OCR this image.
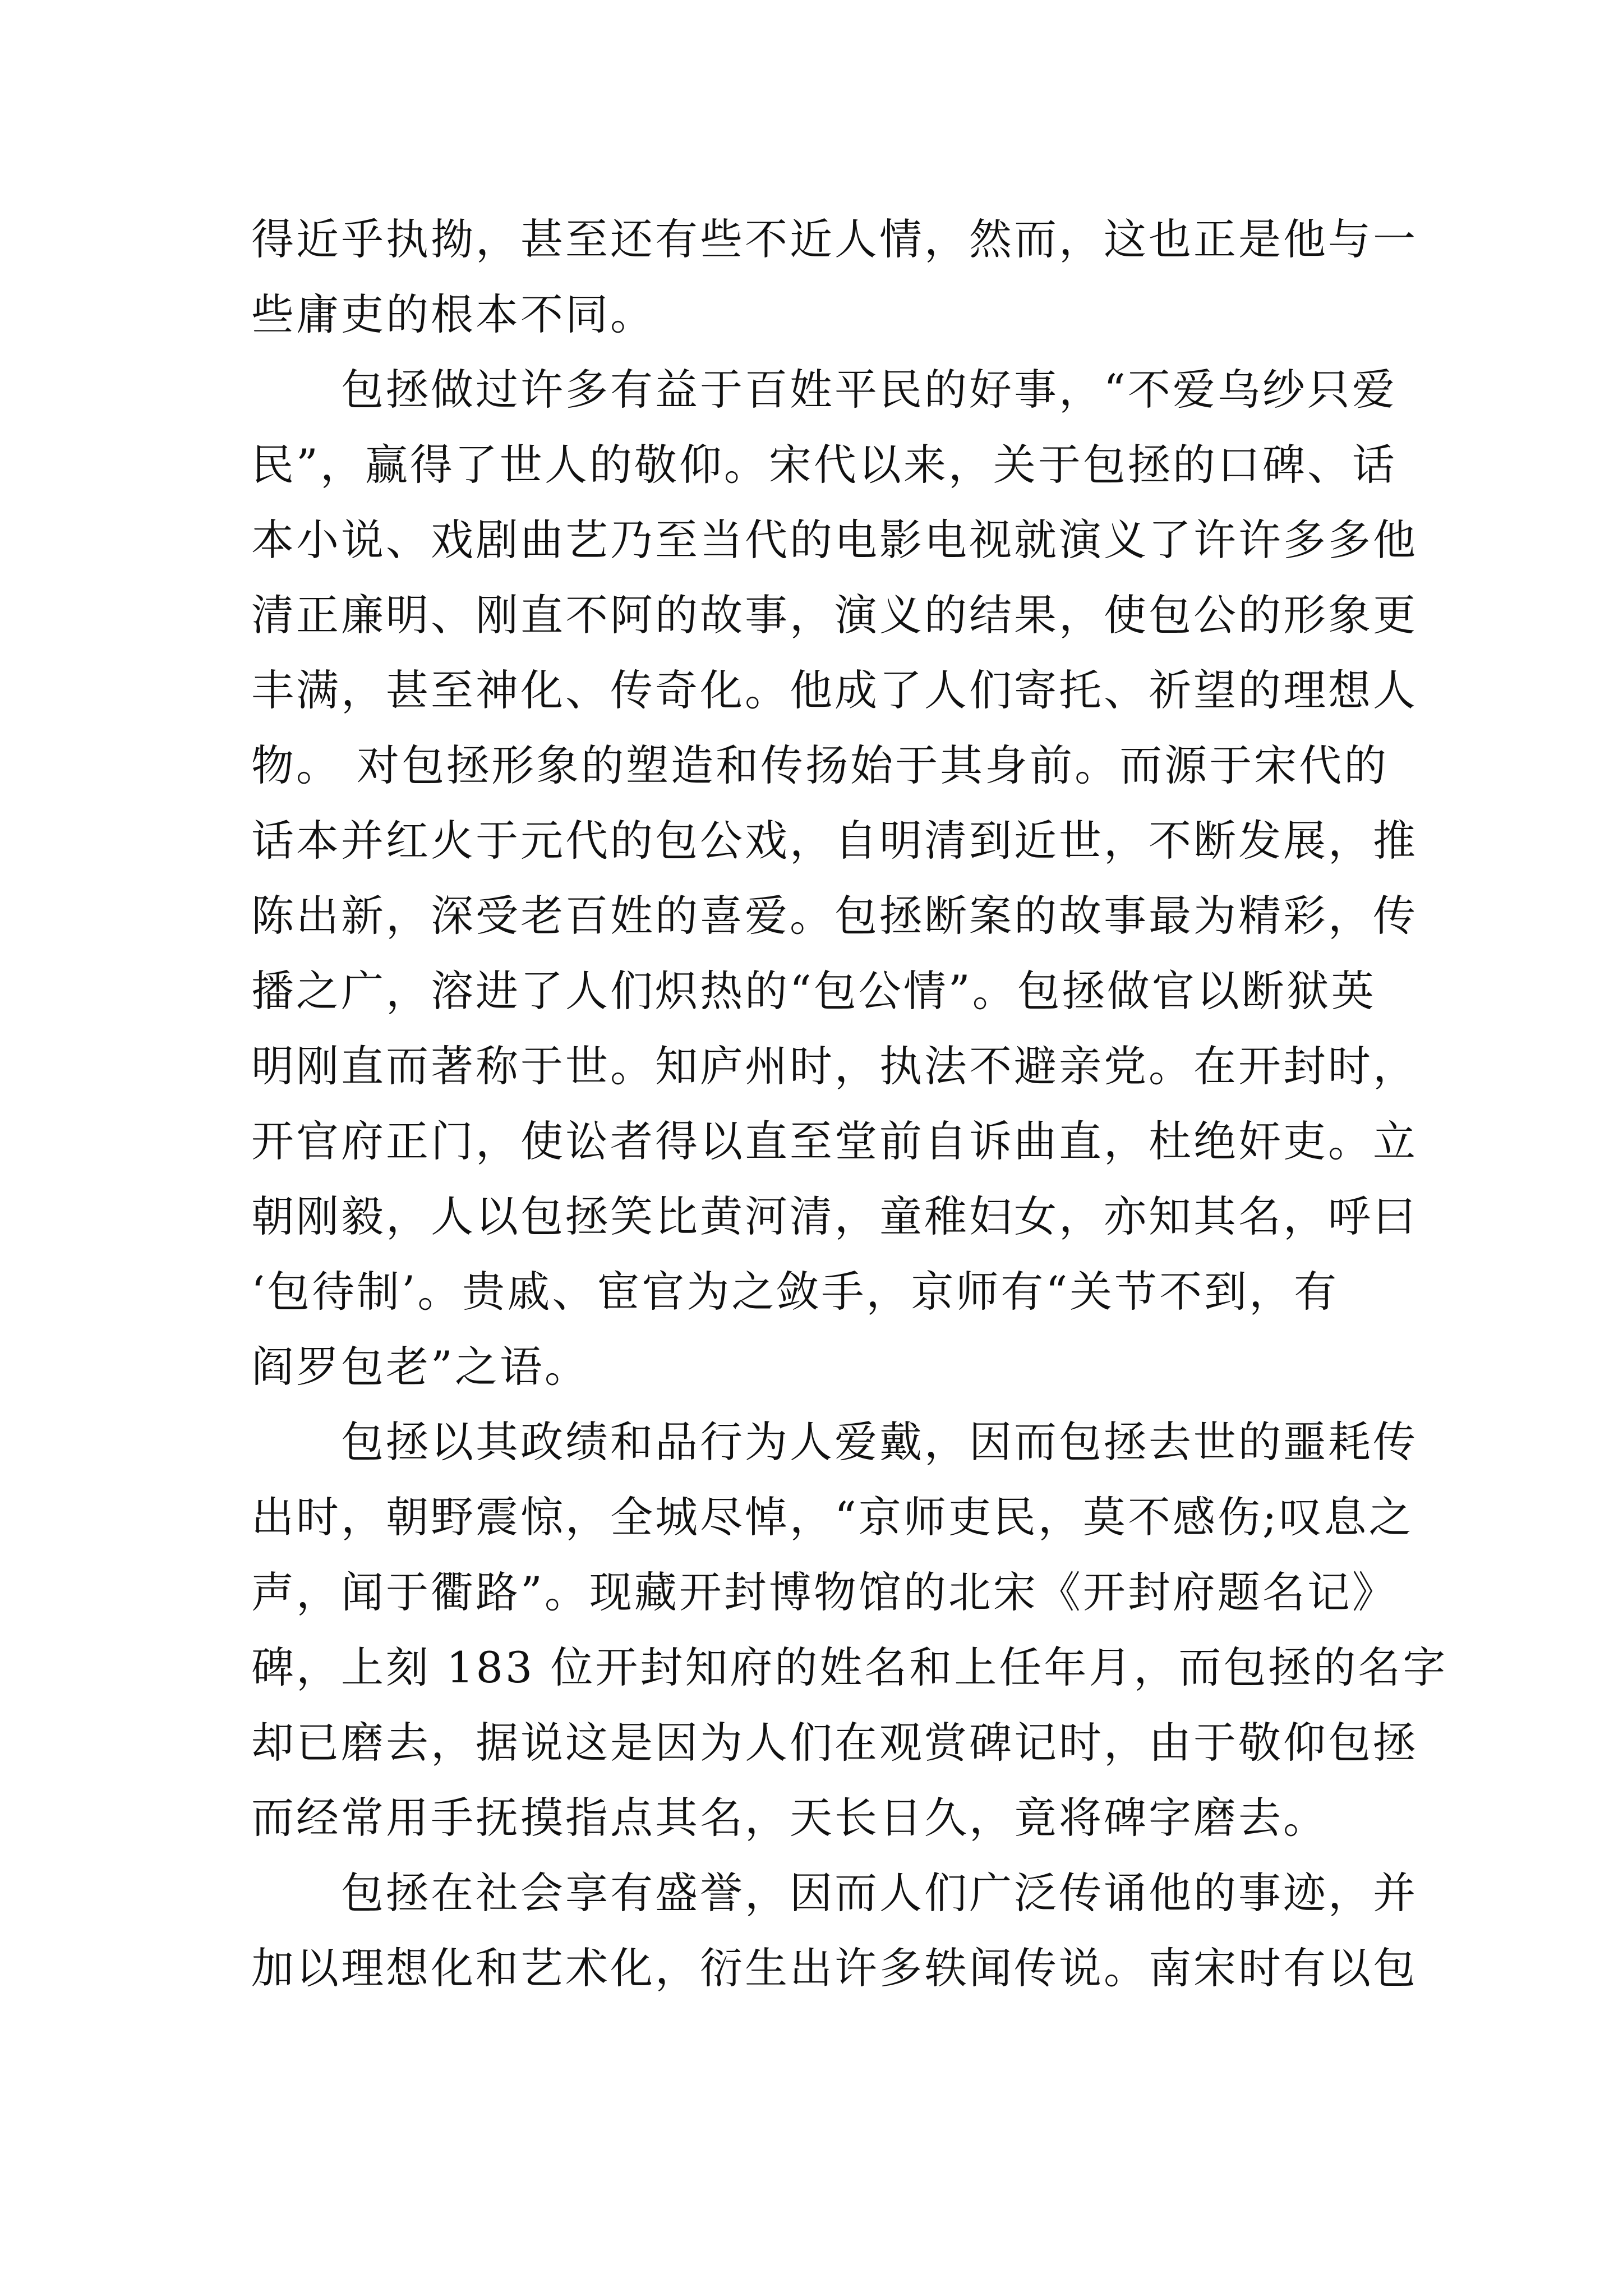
得近乎执拗，甚至还有些不近人情，然而，这也正是他与一
些庸吏的根本不同。
包拯做过许多有益于百姓平民的好事，“不爱乌纱只爱
民”，赢得了世人的敬仰。宋代以来，关于包拯的口碑、话
本小说、戏剧曲艺乃至当代的电影电视就演义了许许多多他
清正廉明、刚直不阿的故事，演义的结果，使包公的形象更
丰满，甚至神化、传奇化。他成了人们寄托、祈望的理想人
物。 对包拯形象的塑造和传扬始于其身前。而源于宋代的
话本并红火于元代的包公戏，自明清到近世，不断发展，推
陈出新，深受老百姓的喜爱。包拯断案的故事最为精彩，传
播之广，溶进了人们炽热的“包公情”。包拯做官以断狱英
明刚直而著称于世。知庐州时，执法不避亲党。在开封时，
开官府正门，使讼者得以直至堂前自诉曲直，杜绝奸吏。立
朝刚毅，人以包拯笑比黄河清，童稚妇女，亦知其名，呼曰
‘包待制’。贵戚、宦官为之敛手，京师有“关节不到，有
阎罗包老”之语。
包拯以其政绩和品行为人爱戴，因而包拯去世的噩耗传
出时，朝野震惊，全城尽悼，“京师吏民，莫不感伤;叹息之
声，闻于衢路”。现藏开封博物馆的北宋《开封府题名记》
碑，上刻 183 位开封知府的姓名和上任年月，而包拯的名字
却已磨去，据说这是因为人们在观赏碑记时，由于敬仰包拯
而经常用手抚摸指点其名，天长日久，竟将碑字磨去。
包拯在社会享有盛誉，因而人们广泛传诵他的事迹，并
加以理想化和艺术化，衍生出许多轶闻传说。南宋时有以包
